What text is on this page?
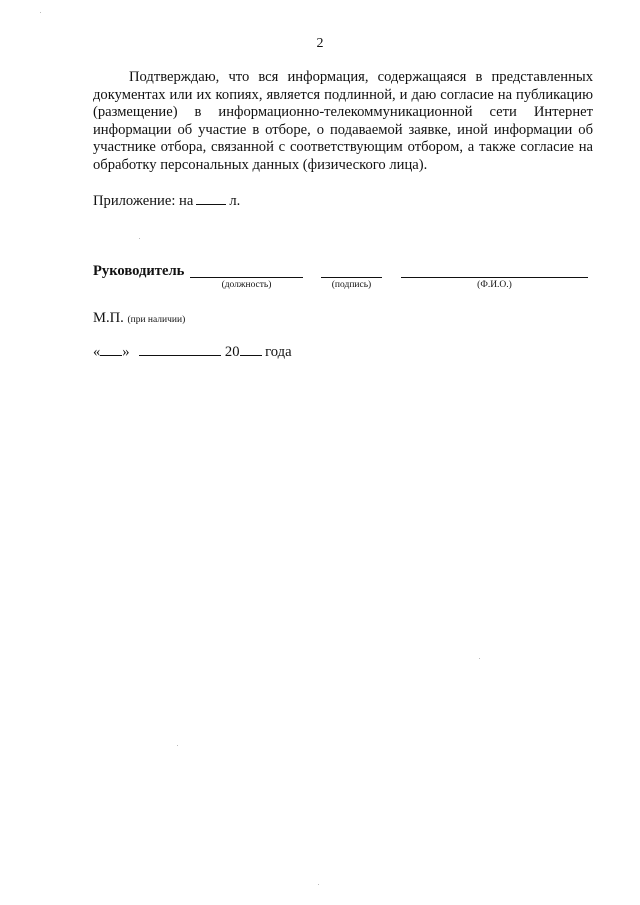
2

Подтверждаю, что вся информация, содержащаяся в представленных документах или их копиях, является подлинной, и даю согласие на публикацию (размещение) в информационно-телекоммуникационной сети Интернет информации об участие в отборе, о подаваемой заявке, иной информации об участнике отбора, связанной с соответствующим отбором, а также согласие на обработку персональных данных (физического лица).

Приложение: на л.
Руководитель
(должность)	(подпись)	(Ф.И.О.)
М.П. (при наличии)
« »	20 года
